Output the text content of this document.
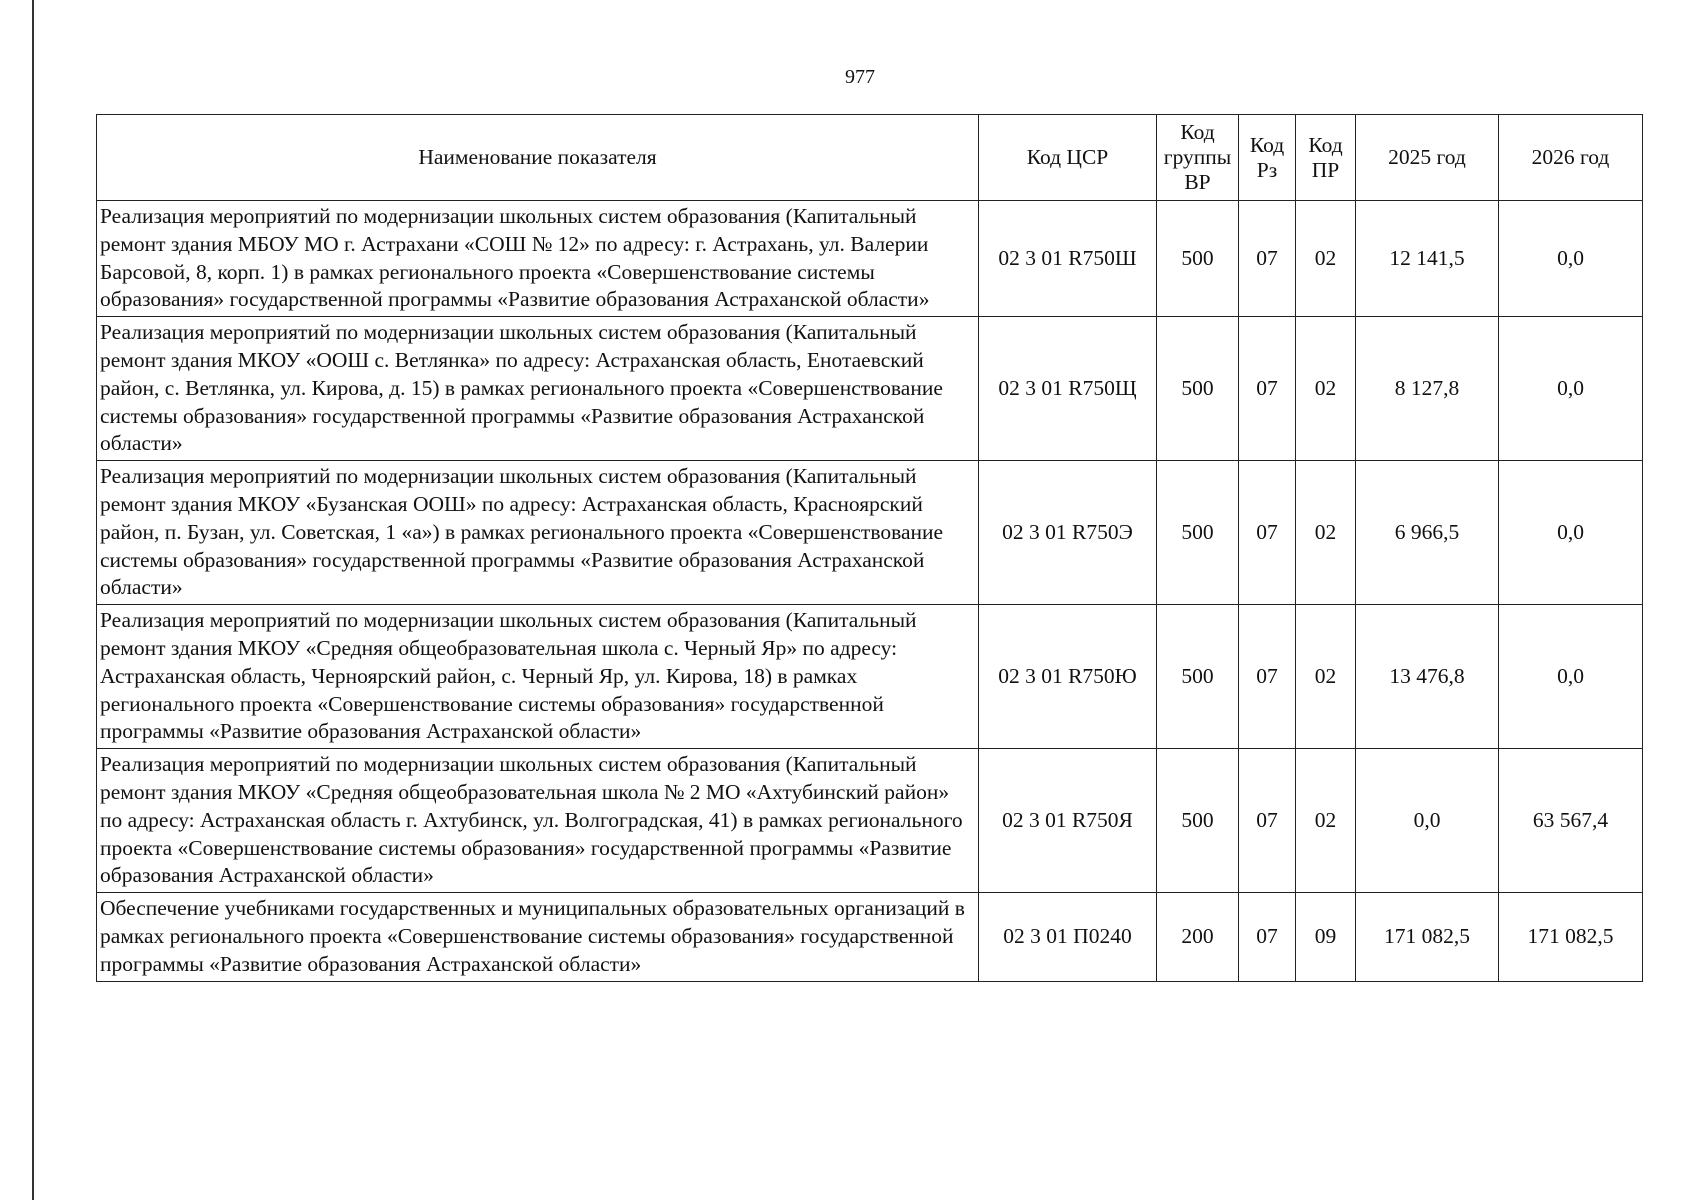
977
Наименование показателя	Код ЦСР	Код группы ВР	Код Рз	Код ПР	2025 год	2026 год
Реализация мероприятий по модернизации школьных систем образования (Капитальный ремонт здания МБОУ МО г. Астрахани «СОШ № 12» по адресу: г. Астрахань, ул. Валерии Барсовой, 8, корп. 1) в рамках регионального проекта «Совершенствование системы образования» государственной программы «Развитие образования Астраханской области»	02 3 01 R750Ш	500	07	02	12 141,5	0,0
Реализация мероприятий по модернизации школьных систем образования (Капитальный ремонт здания МКОУ «ООШ с. Ветлянка» по адресу: Астраханская область, Енотаевский район, с. Ветлянка, ул. Кирова, д. 15) в рамках регионального проекта «Совершенствование системы образования» государственной программы «Развитие образования Астраханской области»	02 3 01 R750Щ	500	07	02	8 127,8	0,0
Реализация мероприятий по модернизации школьных систем образования (Капитальный ремонт здания МКОУ «Бузанская ООШ» по адресу: Астраханская область, Красноярский район, п. Бузан, ул. Советская, 1 «а») в рамках регионального проекта «Совершенствование системы образования» государственной программы «Развитие образования Астраханской области»	02 3 01 R750Э	500	07	02	6 966,5	0,0
Реализация мероприятий по модернизации школьных систем образования (Капитальный ремонт здания МКОУ «Средняя общеобразовательная школа с. Черный Яр» по адресу: Астраханская область, Черноярский район, с. Черный Яр, ул. Кирова, 18) в рамках регионального проекта «Совершенствование системы образования» государственной программы «Развитие образования Астраханской области»	02 3 01 R750Ю	500	07	02	13 476,8	0,0
Реализация мероприятий по модернизации школьных систем образования (Капитальный ремонт здания МКОУ «Средняя общеобразовательная школа № 2 МО «Ахтубинский район» по адресу: Астраханская область г. Ахтубинск, ул. Волгоградская, 41) в рамках регионального проекта «Совершенствование системы образования» государственной программы «Развитие образования Астраханской области»	02 3 01 R750Я	500	07	02	0,0	63 567,4
Обеспечение учебниками государственных и муниципальных образовательных организаций в рамках регионального проекта «Совершенствование системы образования» государственной программы «Развитие образования Астраханской области»	02 3 01 П0240	200	07	09	171 082,5	171 082,5
